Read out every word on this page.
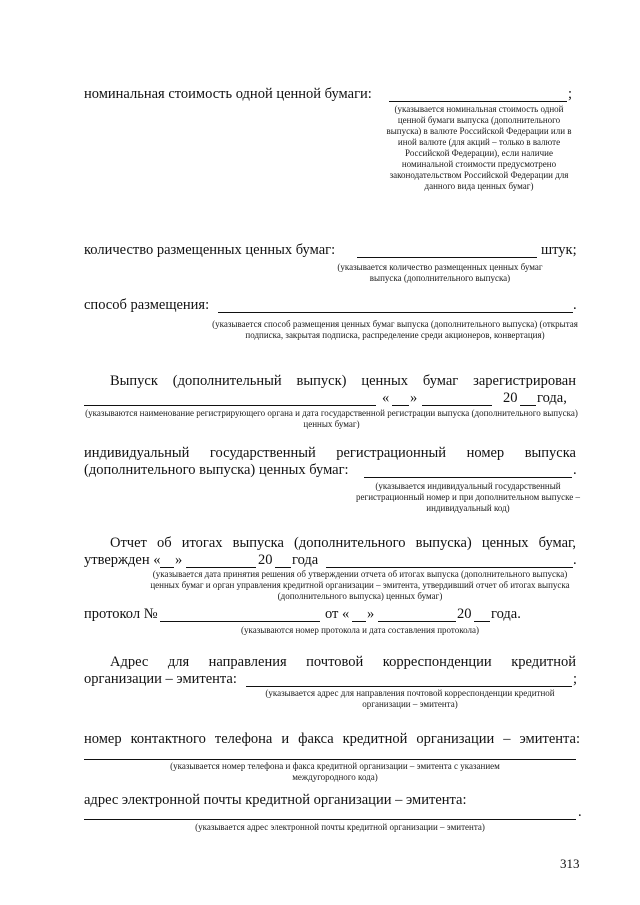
номинальная стоимость одной ценной бумаги:	;
(указывается номинальная стоимость одной ценной бумаги выпуска (дополнительного выпуска) в валюте Российской Федерации или в иной валюте (для акций – только в валюте Российской Федерации), если наличие номинальной стоимости предусмотрено законодательством Российской Федерации для данного вида ценных бумаг)
количество размещенных ценных бумаг:	штук;
(указывается количество размещенных ценных бумаг выпуска (дополнительного выпуска)
способ размещения:	.
(указывается способ размещения ценных бумаг выпуска (дополнительного выпуска) (открытая подписка, закрытая подписка, распределение среди акционеров, конвертация)
Выпуск (дополнительный выпуск) ценных бумаг зарегистрирован
« »	20 года,
(указываются наименование регистрирующего органа и дата государственной регистрации выпуска (дополнительного выпуска) ценных бумаг)
индивидуальный государственный регистрационный номер выпуска
(дополнительного выпуска) ценных бумаг:	.
(указывается индивидуальный государственный регистрационный номер и при дополнительном выпуске – индивидуальный код)
Отчет об итогах выпуска (дополнительного выпуска) ценных бумаг,
утвержден « »	20 года	.
(указывается дата принятия решения об утверждении отчета об итогах выпуска (дополнительного выпуска) ценных бумаг и орган управления кредитной организации – эмитента, утвердивший отчет об итогах выпуска (дополнительного выпуска) ценных бумаг)
протокол №	от « »	20 года.
(указываются номер протокола и дата составления протокола)
Адрес для направления почтовой корреспонденции кредитной
организации – эмитента:	;
(указывается адрес для направления почтовой корреспонденции кредитной организации – эмитента)
номер контактного телефона и факса кредитной организации – эмитента:
(указывается номер телефона и факса кредитной организации – эмитента с указанием междугородного кода)
адрес электронной почты кредитной организации – эмитента:
.
(указывается адрес электронной почты кредитной организации – эмитента)
313
